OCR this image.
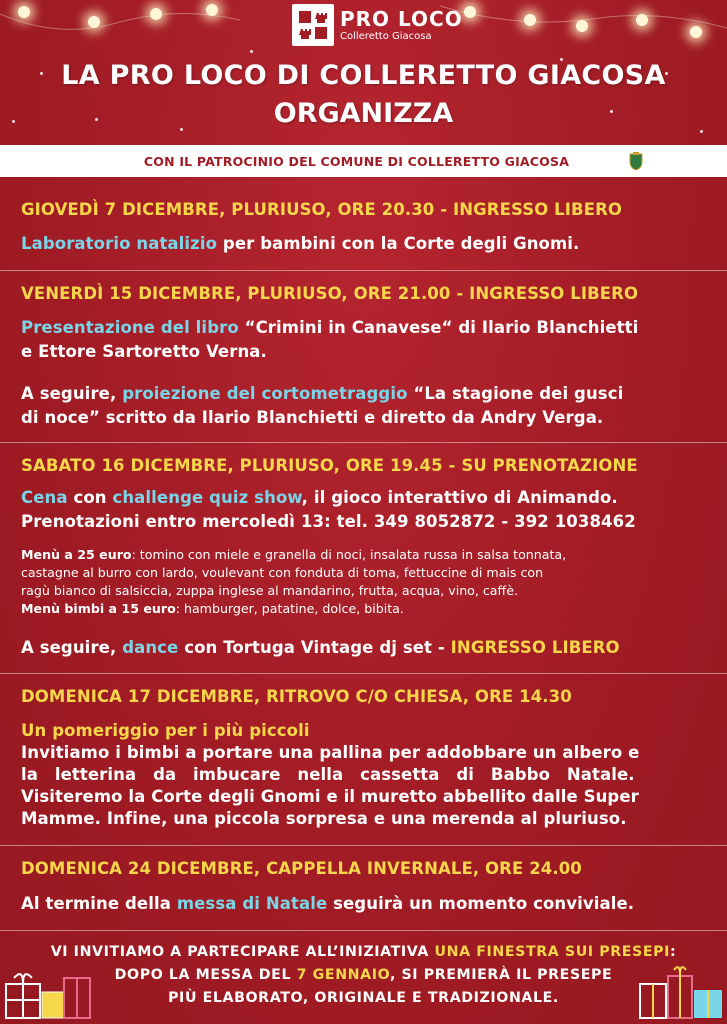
PRO LOCO
Colleretto Giacosa
LA PRO LOCO DI COLLERETTO GIACOSA
ORGANIZZA
CON IL PATROCINIO DEL COMUNE DI COLLERETTO GIACOSA
GIOVEDÌ 7 DICEMBRE, PLURIUSO, ORE 20.30 - INGRESSO LIBERO
Laboratorio natalizio per bambini con la Corte degli Gnomi.
VENERDÌ 15 DICEMBRE, PLURIUSO, ORE 21.00 - INGRESSO LIBERO
Presentazione del libro “Crimini in Canavese“ di Ilario Blanchietti
e Ettore Sartoretto Verna.
A seguire, proiezione del cortometraggio “La stagione dei gusci
di noce” scritto da Ilario Blanchietti e diretto da Andry Verga.
SABATO 16 DICEMBRE, PLURIUSO, ORE 19.45 - SU PRENOTAZIONE
Cena con challenge quiz show, il gioco interattivo di Animando.
Prenotazioni entro mercoledì 13: tel. 349 8052872 - 392 1038462
Menù a 25 euro: tomino con miele e granella di noci, insalata russa in salsa tonnata,
castagne al burro con lardo, voulevant con fonduta di toma, fettuccine di mais con
ragù bianco di salsiccia, zuppa inglese al mandarino, frutta, acqua, vino, caffè.
Menù bimbi a 15 euro: hamburger, patatine, dolce, bibita.
A seguire, dance con Tortuga Vintage dj set - INGRESSO LIBERO
DOMENICA 17 DICEMBRE, RITROVO C/O CHIESA, ORE 14.30
Un pomeriggio per i più piccoli
Invitiamo i bimbi a portare una pallina per addobbare un albero e
la letterina da imbucare nella cassetta di Babbo Natale.
Visiteremo la Corte degli Gnomi e il muretto abbellito dalle Super
Mamme. Infine, una piccola sorpresa e una merenda al pluriuso.
DOMENICA 24 DICEMBRE, CAPPELLA INVERNALE, ORE 24.00
Al termine della messa di Natale seguirà un momento conviviale.
VI INVITIAMO A PARTECIPARE ALL’INIZIATIVA UNA FINESTRA SUI PRESEPI:
DOPO LA MESSA DEL 7 GENNAIO, SI PREMIERÀ IL PRESEPE
PIÙ ELABORATO, ORIGINALE E TRADIZIONALE.
